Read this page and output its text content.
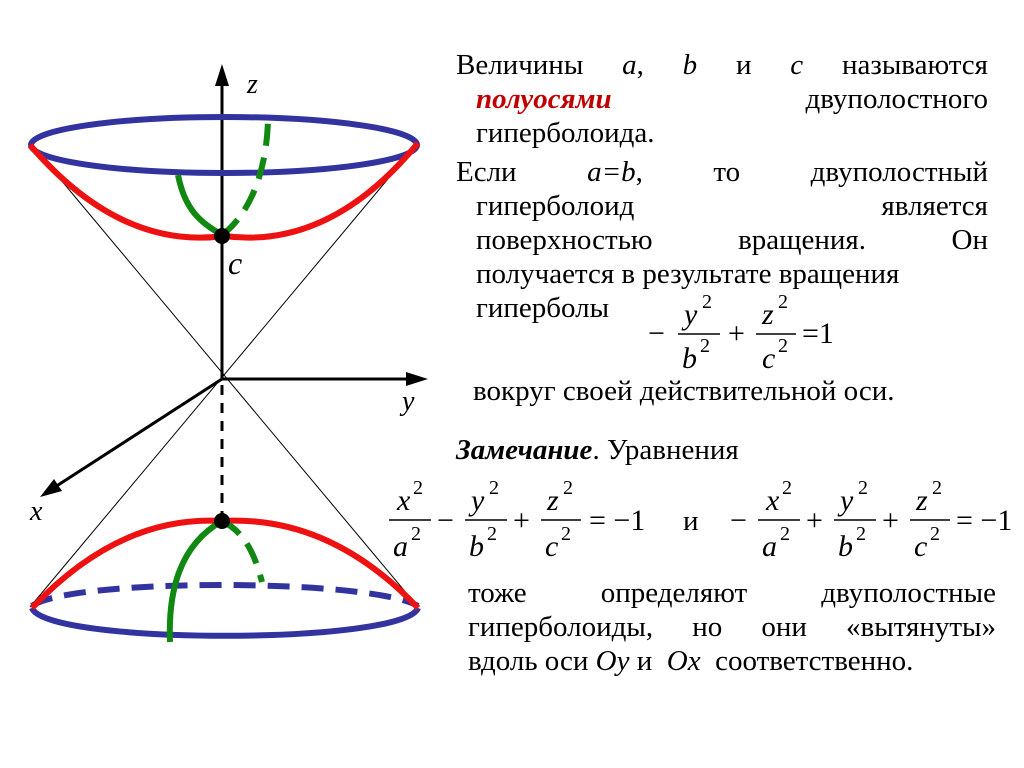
z
y
x
c
Величины a, b и c называются
полуосями	двуполостного
гиперболоида.
Если a=b, то двуполостный
гиперболоид	является
поверхностью	вращения.	Он
получается в результате вращения
гиперболы
−
y 2
b 2 +
z 2
c 2 =1
вокруг своей действительной оси.
Замечание. Уравнения
x 2
a 2 −
y 2
b 2 +
z 2
c 2 = −1 и −
x 2
a 2 +
y 2
b 2 +
z 2
c 2 = −1
тоже	определяют	двуполостные
гиперболоиды, но они «вытянуты»
вдоль оси Oy и Ox соответственно.
